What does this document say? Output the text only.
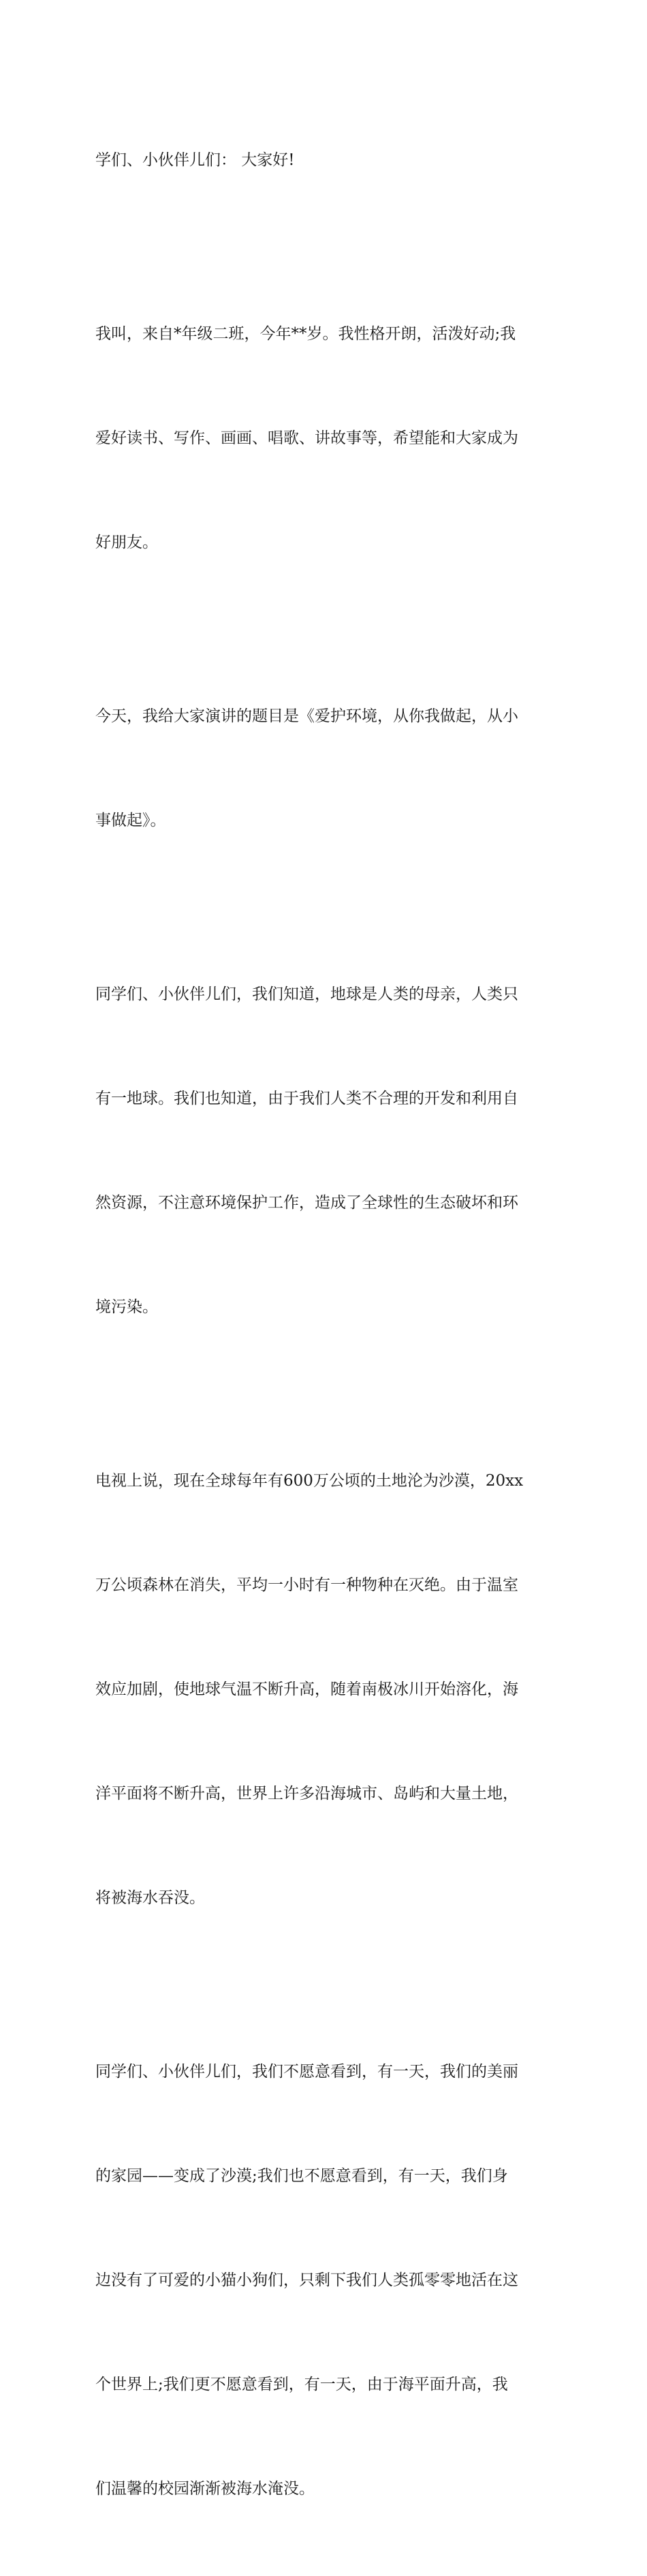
学们、小伙伴儿们： 大家好!

我叫，来自*年级二班，今年**岁。我性格开朗，活泼好动;我

爱好读书、写作、画画、唱歌、讲故事等，希望能和大家成为

好朋友。

今天，我给大家演讲的题目是《爱护环境，从你我做起，从小

事做起》。

同学们、小伙伴儿们，我们知道，地球是人类的母亲，人类只

有一地球。我们也知道，由于我们人类不合理的开发和利用自

然资源，不注意环境保护工作，造成了全球性的生态破坏和环

境污染。

电视上说，现在全球每年有600万公顷的土地沦为沙漠，20xx

万公顷森林在消失，平均一小时有一种物种在灭绝。由于温室

效应加剧，使地球气温不断升高，随着南极冰川开始溶化，海

洋平面将不断升高，世界上许多沿海城市、岛屿和大量土地，

将被海水吞没。

同学们、小伙伴儿们，我们不愿意看到，有一天，我们的美丽

的家园——变成了沙漠;我们也不愿意看到，有一天，我们身

边没有了可爱的小猫小狗们，只剩下我们人类孤零零地活在这

个世界上;我们更不愿意看到，有一天，由于海平面升高，我

们温馨的校园渐渐被海水淹没。
